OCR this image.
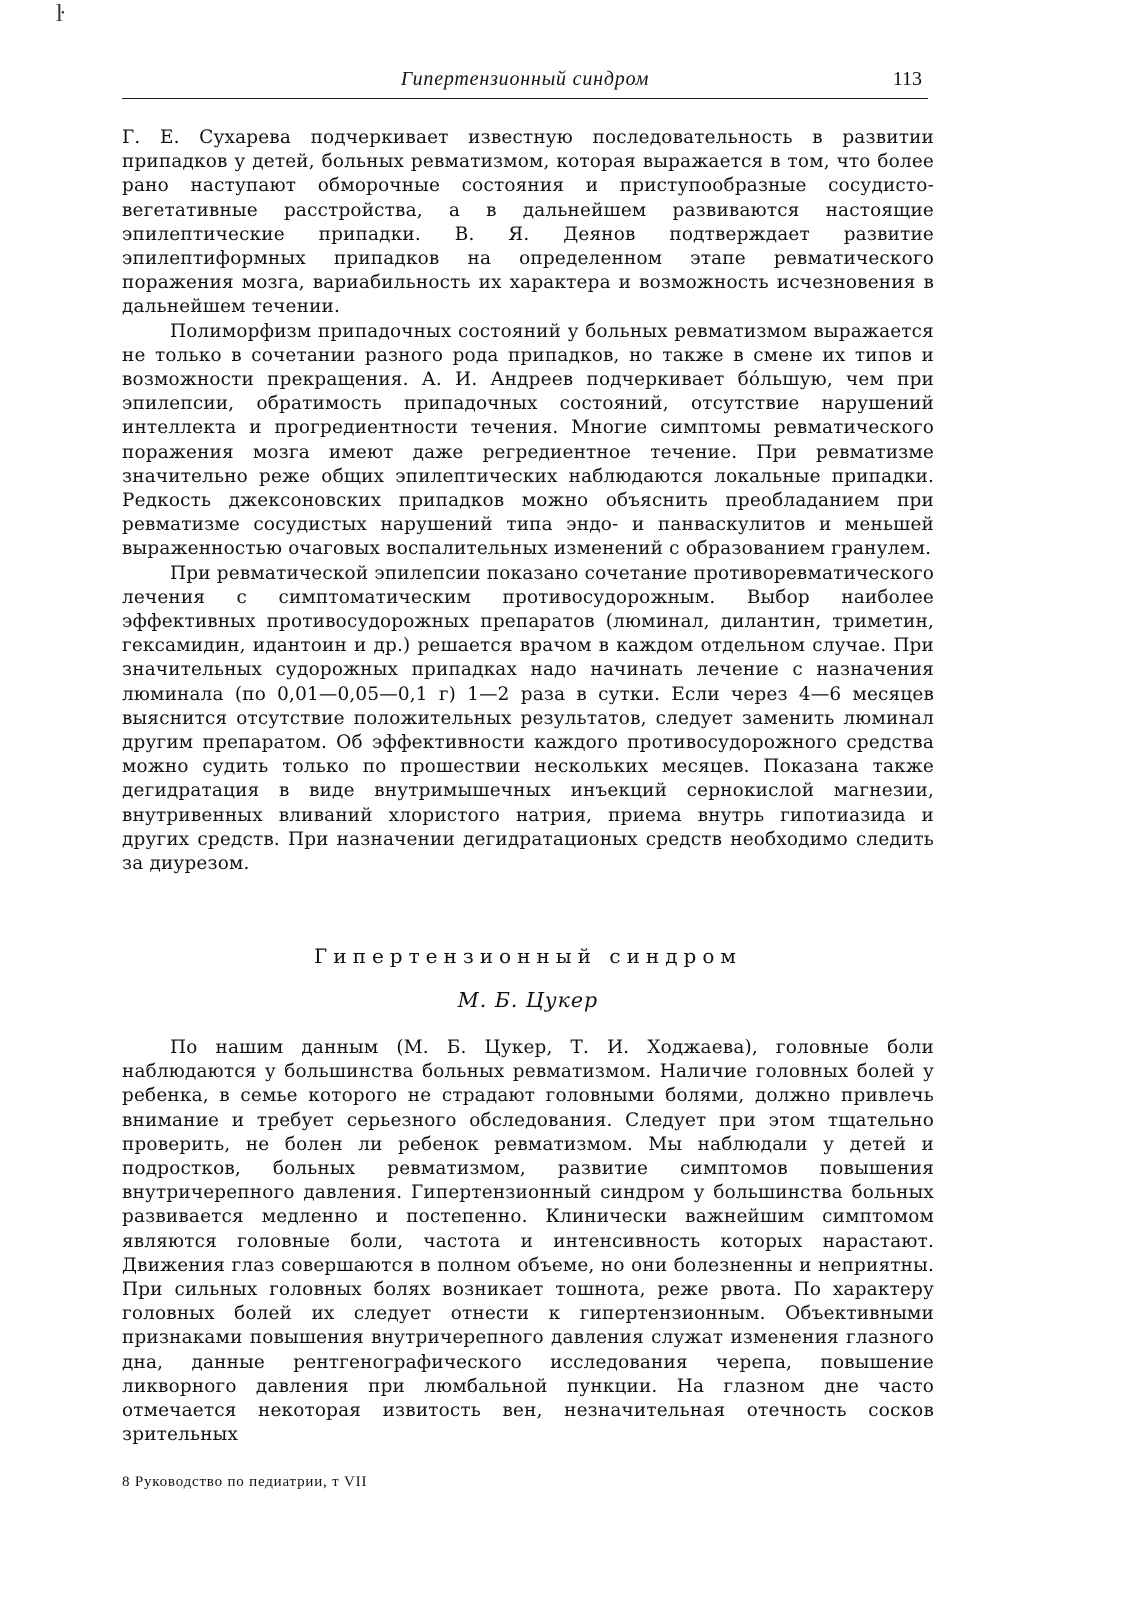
ŀ
Гипертензионный синдром	113

Г. Е. Сухарева подчеркивает известную последовательность в развитии припадков у детей, больных ревматизмом, которая выражается в том, что более рано наступают обморочные состояния и приступообразные сосудисто-вегетативные расстройства, а в дальнейшем развиваются настоящие эпилептические припадки. В. Я. Деянов подтверждает развитие эпилептиформных припадков на определенном этапе ревматического поражения мозга, вариабильность их характера и возможность исчезновения в дальнейшем течении.

Полиморфизм припадочных состояний у больных ревматизмом выражается не только в сочетании разного рода припадков, но также в смене их типов и возможности прекращения. А. И. Андреев подчеркивает бо́льшую, чем при эпилепсии, обратимость припадочных состояний, отсутствие нарушений интеллекта и прогредиентности течения. Многие симптомы ревматического поражения мозга имеют даже регредиентное течение. При ревматизме значительно реже общих эпилептических наблюдаются локальные припадки. Редкость джексоновских припадков можно объяснить преобладанием при ревматизме сосудистых нарушений типа эндо- и панваскулитов и меньшей выраженностью очаговых воспалительных изменений с образованием гранулем.

При ревматической эпилепсии показано сочетание противоревматического лечения с симптоматическим противосудорожным. Выбор наиболее эффективных противосудорожных препаратов (люминал, дилантин, триметин, гексамидин, идантоин и др.) решается врачом в каждом отдельном случае. При значительных судорожных припадках надо начинать лечение с назначения люминала (по 0,01—0,05—0,1 г) 1—2 раза в сутки. Если через 4—6 месяцев выяснится отсутствие положительных результатов, следует заменить люминал другим препаратом. Об эффективности каждого противосудорожного средства можно судить только по прошествии нескольких месяцев. Показана также дегидратация в виде внутримышечных инъекций сернокислой магнезии, внутривенных вливаний хлористого натрия, приема внутрь гипотиазида и других средств. При назначении дегидратационых средств необходимо следить за диурезом.

Гипертензионный синдром
М. Б. Цукер

По нашим данным (М. Б. Цукер, Т. И. Ходжаева), головные боли наблюдаются у большинства больных ревматизмом. Наличие головных болей у ребенка, в семье которого не страдают головными болями, должно привлечь внимание и требует серьезного обследования. Следует при этом тщательно проверить, не болен ли ребенок ревматизмом. Мы наблюдали у детей и подростков, больных ревматизмом, развитие симптомов повышения внутричерепного давления. Гипертензионный синдром у большинства больных развивается медленно и постепенно. Клинически важнейшим симптомом являются головные боли, частота и интенсивность которых нарастают. Движения глаз совершаются в полном объеме, но они болезненны и неприятны. При сильных головных болях возникает тошнота, реже рвота. По характеру головных болей их следует отнести к гипертензионным. Объективными признаками повышения внутричерепного давления служат изменения глазного дна, данные рентгенографического исследования черепа, повышение ликворного давления при люмбальной пункции. На глазном дне часто отмечается некоторая извитость вен, незначительная отечность сосков зрительных

8 Руководство по педиатрии, т VII
